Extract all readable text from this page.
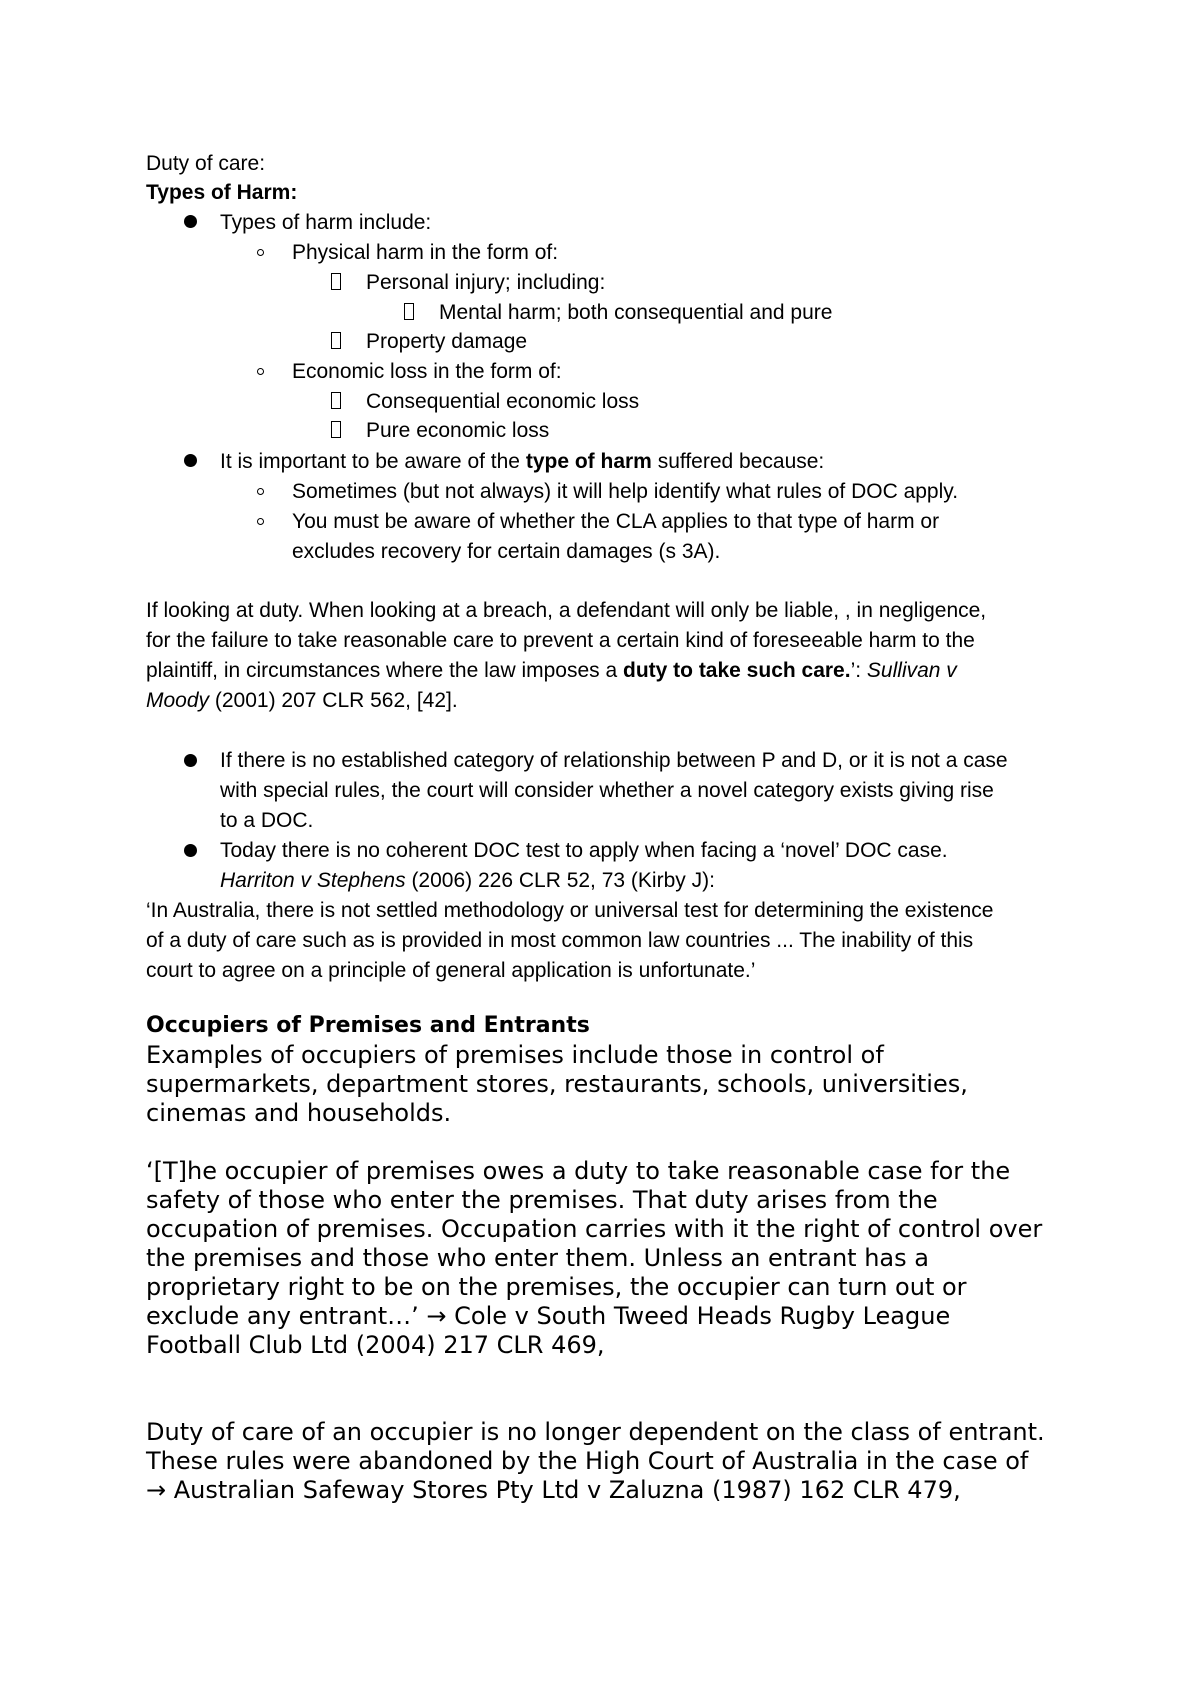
Duty of care:
Types of Harm:
Types of harm include:
Physical harm in the form of:
Personal injury; including:
Mental harm; both consequential and pure
Property damage
Economic loss in the form of:
Consequential economic loss
Pure economic loss
It is important to be aware of the type of harm suffered because:
Sometimes (but not always) it will help identify what rules of DOC apply.
You must be aware of whether the CLA applies to that type of harm or
excludes recovery for certain damages (s 3A).
If looking at duty. When looking at a breach, a defendant will only be liable, , in negligence,
for the failure to take reasonable care to prevent a certain kind of foreseeable harm to the
plaintiff, in circumstances where the law imposes a duty to take such care.’: Sullivan v
Moody (2001) 207 CLR 562, [42].
If there is no established category of relationship between P and D, or it is not a case
with special rules, the court will consider whether a novel category exists giving rise
to a DOC.
Today there is no coherent DOC test to apply when facing a ‘novel’ DOC case.
Harriton v Stephens (2006) 226 CLR 52, 73 (Kirby J):
‘In Australia, there is not settled methodology or universal test for determining the existence
of a duty of care such as is provided in most common law countries ... The inability of this
court to agree on a principle of general application is unfortunate.’
Occupiers of Premises and Entrants
Examples of occupiers of premises include those in control of
supermarkets, department stores, restaurants, schools, universities,
cinemas and households.
‘[T]he occupier of premises owes a duty to take reasonable case for the
safety of those who enter the premises. That duty arises from the
occupation of premises. Occupation carries with it the right of control over
the premises and those who enter them. Unless an entrant has a
proprietary right to be on the premises, the occupier can turn out or
exclude any entrant…’ → Cole v South Tweed Heads Rugby League
Football Club Ltd (2004) 217 CLR 469,
Duty of care of an occupier is no longer dependent on the class of entrant.
These rules were abandoned by the High Court of Australia in the case of
→ Australian Safeway Stores Pty Ltd v Zaluzna (1987) 162 CLR 479,
